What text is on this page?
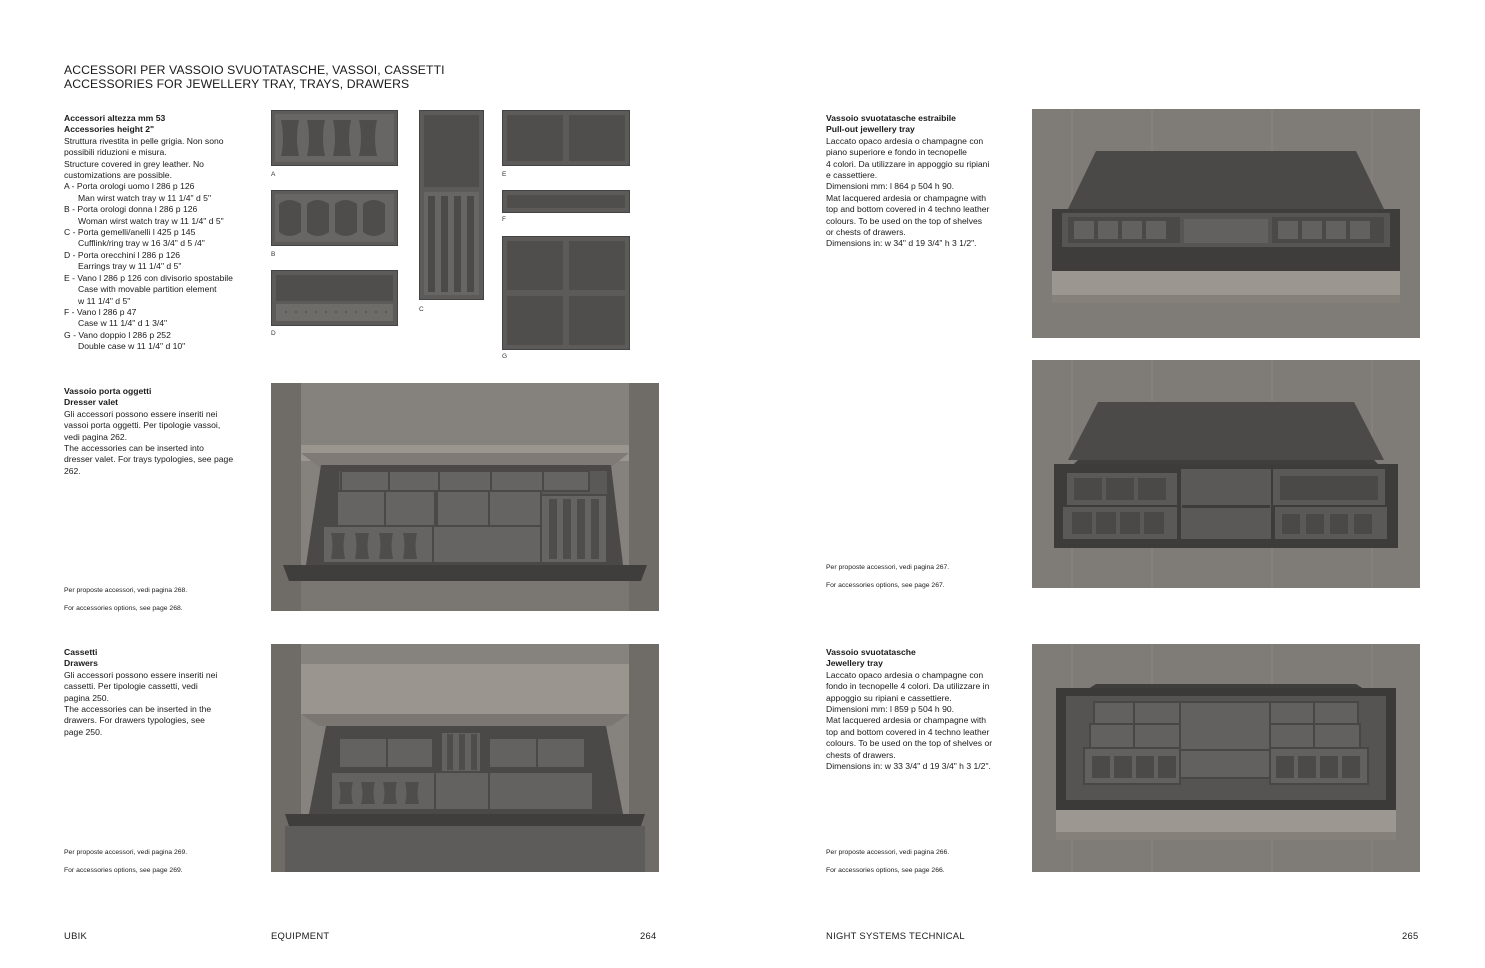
ACCESSORI PER VASSOIO SVUOTATASCHE, VASSOI, CASSETTI
ACCESSORIES FOR JEWELLERY TRAY, TRAYS, DRAWERS
Accessori altezza mm 53
Accessories height 2"
Struttura rivestita in pelle grigia. Non sono
possibili riduzioni e misura.
Structure covered in grey leather. No
customizations are possible.
A - Porta orologi uomo l 286 p 126
Man wirst watch tray w 11 1/4" d 5"
B - Porta orologi donna l 286 p 126
Woman wirst watch tray w 11 1/4" d 5"
C - Porta gemelli/anelli l 425 p 145
Cufflink/ring tray w 16 3/4" d 5 /4"
D - Porta orecchini l 286 p 126
Earrings tray w 11 1/4" d 5"
E - Vano l 286 p 126 con divisorio spostabile
Case with movable partition element
w 11 1/4" d 5"
F - Vano l 286 p 47
Case w 11 1/4" d 1 3/4"
G - Vano doppio l 286 p 252
Double case w 11 1/4" d 10"
A
B
D
C
E
F
G
Vassoio porta oggetti
Dresser valet
Gli accessori possono essere inseriti nei
vassoi porta oggetti. Per tipologie vassoi,
vedi pagina 262.
The accessories can be inserted into
dresser valet. For trays typologies, see page
262.
Per proposte accessori, vedi pagina 268.
For accessories options, see page 268.
Cassetti
Drawers
Gli accessori possono essere inseriti nei
cassetti. Per tipologie cassetti, vedi
pagina 250.
The accessories can be inserted in the
drawers. For drawers typologies, see
page 250.
Per proposte accessori, vedi pagina 269.
For accessories options, see page 269.
Vassoio svuotatasche estraibile
Pull-out jewellery tray
Laccato opaco ardesia o champagne con
piano superiore e fondo in tecnopelle
4 colori. Da utilizzare in appoggio su ripiani
e cassettiere.
Dimensioni mm: l 864 p 504 h 90.
Mat lacquered ardesia or champagne with
top and bottom covered in 4 techno leather
colours. To be used on the top of shelves
or chests of drawers.
Dimensions in: w 34" d 19 3/4" h 3 1/2".
Per proposte accessori, vedi pagina 267.
For accessories options, see page 267.
Vassoio svuotatasche
Jewellery tray
Laccato opaco ardesia o champagne con
fondo in tecnopelle 4 colori. Da utilizzare in
appoggio su ripiani e cassettiere.
Dimensioni mm: l 859 p 504 h 90.
Mat lacquered ardesia or champagne with
top and bottom covered in 4 techno leather
colours. To be used on the top of shelves or
chests of drawers.
Dimensions in: w 33 3/4" d 19 3/4" h 3 1/2".
Per proposte accessori, vedi pagina 266.
For accessories options, see page 266.
UBIK	EQUIPMENT	264	NIGHT SYSTEMS TECHNICAL	265
